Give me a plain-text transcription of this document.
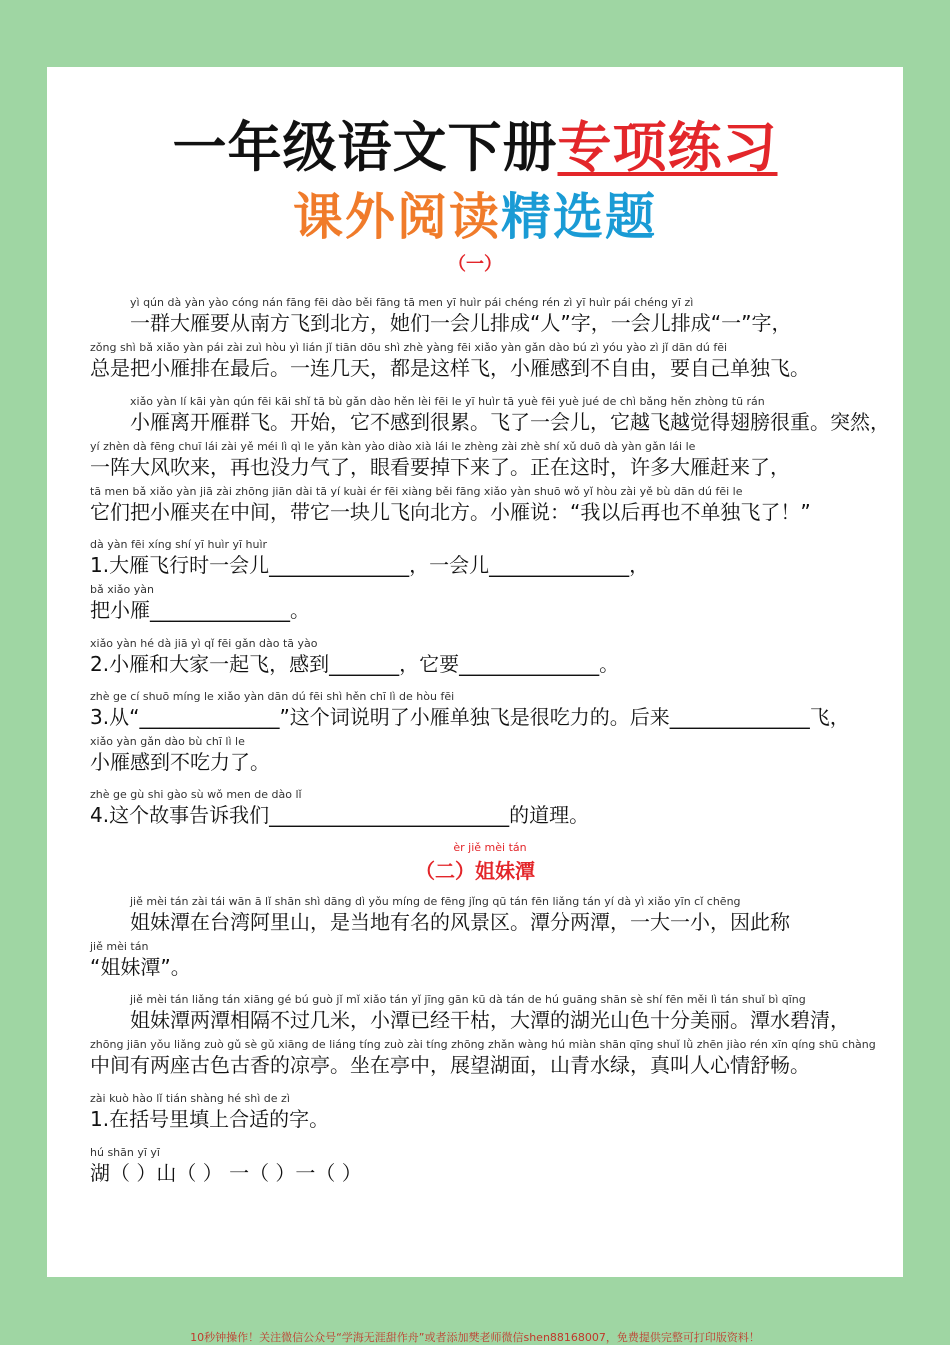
一年级语文下册专项练习
课外阅读精选题
（一）
yì qún dà yàn yào cóng nán fāng fēi dào běi fāng tā men yī huìr pái chéng rén zì yī huìr pái chéng yī zì
一群大雁要从南方飞到北方，她们一会儿排成“人”字，一会儿排成“一”字，
zǒng shì bǎ xiǎo yàn pái zài zuì hòu yì lián jǐ tiān dōu shì zhè yàng fēi xiǎo yàn gǎn dào bú zì yóu yào zì jǐ dān dú fēi
总是把小雁排在最后。一连几天，都是这样飞，小雁感到不自由，要自己单独飞。
xiǎo yàn lí kāi yàn qún fēi kāi shǐ tā bù gǎn dào hěn lèi fēi le yī huìr tā yuè fēi yuè jué de chì bǎng hěn zhòng tū rán
小雁离开雁群飞。开始，它不感到很累。飞了一会儿，它越飞越觉得翅膀很重。突然，
yí zhèn dà fēng chuī lái zài yě méi lì qì le yǎn kàn yào diào xià lái le zhèng zài zhè shí xǔ duō dà yàn gǎn lái le
一阵大风吹来，再也没力气了，眼看要掉下来了。正在这时，许多大雁赶来了，
tā men bǎ xiǎo yàn jiā zài zhōng jiān dài tā yí kuài ér fēi xiàng běi fāng xiǎo yàn shuō wǒ yǐ hòu zài yě bù dān dú fēi le
它们把小雁夹在中间，带它一块儿飞向北方。小雁说：“我以后再也不单独飞了！”
dà yàn fēi xíng shí yī huìr yī huìr
1.大雁飞行时一会儿______________，一会儿______________，
bǎ xiǎo yàn
把小雁______________。
xiǎo yàn hé dà jiā yì qǐ fēi gǎn dào tā yào
2.小雁和大家一起飞，感到_______，它要______________。
zhè ge cí shuō míng le xiǎo yàn dān dú fēi shì hěn chī lì de hòu fēi
3.从“______________”这个词说明了小雁单独飞是很吃力的。后来______________飞，
xiǎo yàn gǎn dào bù chī lì le
小雁感到不吃力了。
zhè ge gù shi gào sù wǒ men de dào lǐ
4.这个故事告诉我们________________________的道理。
èr jiě mèi tán
（二）姐妹潭
jiě mèi tán zài tái wān ā lǐ shān shì dāng dì yǒu míng de fēng jǐng qū tán fēn liǎng tán yí dà yì xiǎo yīn cǐ chēng
姐妹潭在台湾阿里山，是当地有名的风景区。潭分两潭，一大一小，因此称
jiě mèi tán
“姐妹潭”。
jiě mèi tán liǎng tán xiāng gé bú guò jǐ mǐ xiǎo tán yǐ jīng gān kū dà tán de hú guāng shān sè shí fēn měi lì tán shuǐ bì qīng
姐妹潭两潭相隔不过几米，小潭已经干枯，大潭的湖光山色十分美丽。潭水碧清，
zhōng jiān yǒu liǎng zuò gǔ sè gǔ xiāng de liáng tíng zuò zài tíng zhōng zhǎn wàng hú miàn shān qīng shuǐ lǜ zhēn jiào rén xīn qíng shū chàng
中间有两座古色古香的凉亭。坐在亭中，展望湖面，山青水绿，真叫人心情舒畅。
zài kuò hào lǐ tián shàng hé shì de zì
1.在括号里填上合适的字。
hú shān yī yī
湖（ ）山（ ） 一（ ）一（ ）
10秒钟操作！关注微信公众号“学海无涯甜作舟”或者添加樊老师微信shen88168007，免费提供完整可打印版资料！
